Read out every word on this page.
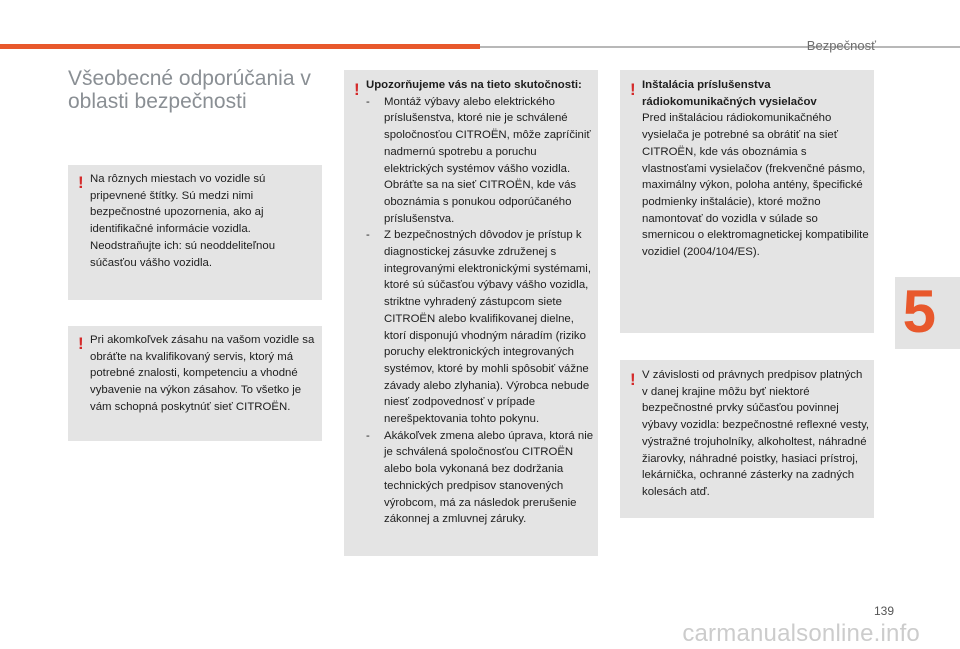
Bezpečnosť
5
Všeobecné odporúčania v oblasti bezpečnosti
! Na rôznych miestach vo vozidle sú pripevnené štítky. Sú medzi nimi bezpečnostné upozornenia, ako aj identifikačné informácie vozidla. Neodstraňujte ich: sú neoddeliteľnou súčasťou vášho vozidla.

! Pri akomkoľvek zásahu na vašom vozidle sa obráťte na kvalifikovaný servis, ktorý má potrebné znalosti, kompetenciu a vhodné vybavenie na výkon zásahov. To všetko je vám schopná poskytnúť sieť CITROËN.

! Upozorňujeme vás na tieto skutočnosti:
- Montáž výbavy alebo elektrického príslušenstva, ktoré nie je schválené spoločnosťou CITROËN, môže zapríčiniť nadmernú spotrebu a poruchu elektrických systémov vášho vozidla. Obráťte sa na sieť CITROËN, kde vás oboznámia s ponukou odporúčaného príslušenstva.
- Z bezpečnostných dôvodov je prístup k diagnostickej zásuvke združenej s integrovanými elektronickými systémami, ktoré sú súčasťou výbavy vášho vozidla, striktne vyhradený zástupcom siete CITROËN alebo kvalifikovanej dielne, ktorí disponujú vhodným náradím (riziko poruchy elektronických integrovaných systémov, ktoré by mohli spôsobiť vážne závady alebo zlyhania). Výrobca nebude niesť zodpovednosť v prípade nerešpektovania tohto pokynu.
- Akákoľvek zmena alebo úprava, ktorá nie je schválená spoločnosťou CITROËN alebo bola vykonaná bez dodržania technických predpisov stanovených výrobcom, má za následok prerušenie zákonnej a zmluvnej záruky.
! Inštalácia príslušenstva rádiokomunikačných vysielačov

Pred inštaláciou rádiokomunikačného vysielača je potrebné sa obrátiť na sieť CITROËN, kde vás oboznámia s vlastnosťami vysielačov (frekvenčné pásmo, maximálny výkon, poloha antény, špecifické podmienky inštalácie), ktoré možno namontovať do vozidla v súlade so smernicou o elektromagnetickej kompatibilite vozidiel (2004/104/ES).

! V závislosti od právnych predpisov platných v danej krajine môžu byť niektoré bezpečnostné prvky súčasťou povinnej výbavy vozidla: bezpečnostné reflexné vesty, výstražné trojuholníky, alkoholtest, náhradné žiarovky, náhradné poistky, hasiaci prístroj, lekárnička, ochranné zásterky na zadných kolesách atď.

139
carmanualsonline.info
